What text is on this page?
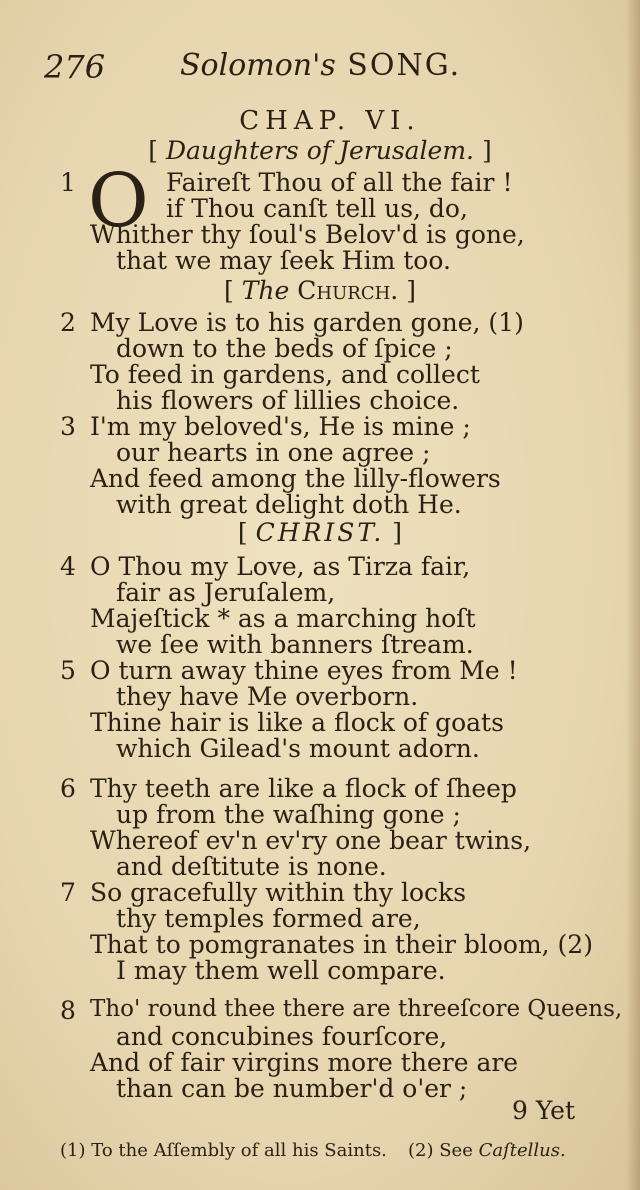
276 Solomon's SONG.
CHAP. VI.
[ Daughters of Jerusalem. ]
1 O Faireſt Thou of all the fair !
if Thou canſt tell us, do,
Whither thy ſoul's Belov'd is gone,
that we may ſeek Him too.
[ The Church. ]
2 My Love is to his garden gone, (1)
down to the beds of ſpice ;
To feed in gardens, and collect
his flowers of lillies choice.
3 I'm my beloved's, He is mine ;
our hearts in one agree ;
And feed among the lilly-flowers
with great delight doth He.
[ CHRIST. ]
4 O Thou my Love, as Tirza fair,
fair as Jeruſalem,
Majeſtick * as a marching hoſt
we ſee with banners ſtream.
5 O turn away thine eyes from Me !
they have Me overborn.
Thine hair is like a flock of goats
which Gilead's mount adorn.
6 Thy teeth are like a flock of ſheep
up from the waſhing gone ;
Whereof ev'n ev'ry one bear twins,
and deſtitute is none.
7 So gracefully within thy locks
thy temples formed are,
That to pomgranates in their bloom, (2)
I may them well compare.
8 Tho' round thee there are threeſcore Queens,
and concubines fourſcore,
And of fair virgins more there are
than can be number'd o'er ;
9 Yet
(1) To the Aſſembly of all his Saints. (2) See Caſtellus.
